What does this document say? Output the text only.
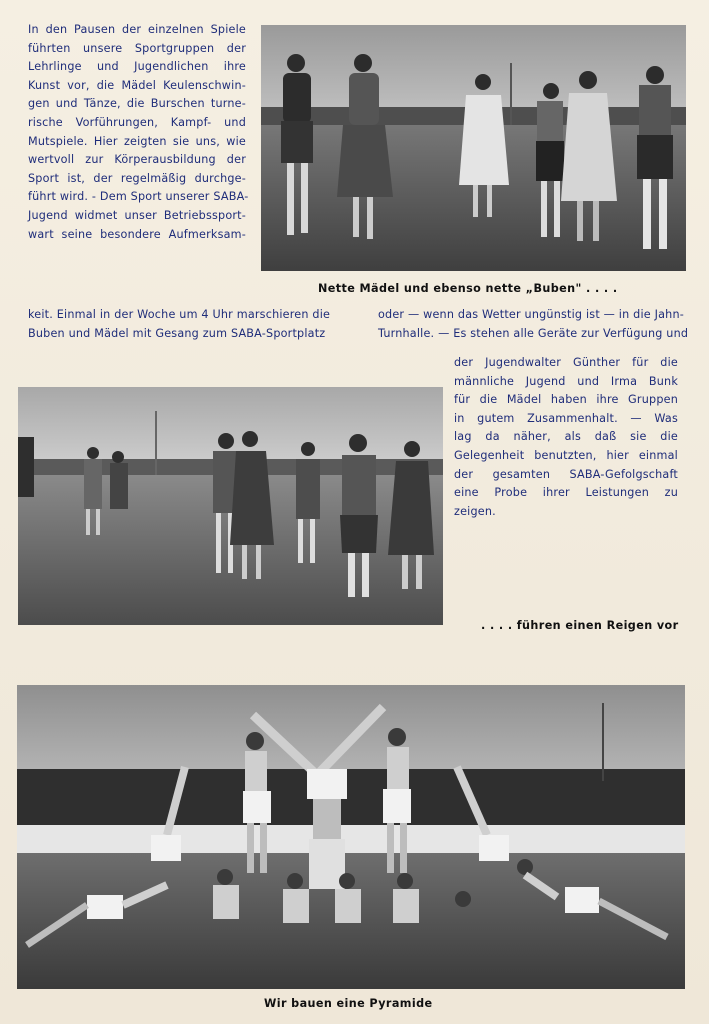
In den Pausen der einzelnen Spiele
führten unsere Sportgruppen der
Lehrlinge und Jugendlichen ihre
Kunst vor, die Mädel Keulenschwin-
gen und Tänze, die Burschen turne-
rische Vorführungen, Kampf- und
Mutspiele. Hier zeigten sie uns, wie
wertvoll zur Körperausbildung der
Sport ist, der regelmäßig durchge-
führt wird. - Dem Sport unserer SABA-
Jugend widmet unser Betriebssport-
wart seine besondere Aufmerksam-
Nette Mädel und ebenso nette „Buben" . . . .
keit. Einmal in der Woche um 4 Uhr marschieren die
Buben und Mädel mit Gesang zum SABA-Sportplatz
oder — wenn das Wetter ungünstig ist — in die Jahn-
Turnhalle. — Es stehen alle Geräte zur Verfügung und
der Jugendwalter Günther für die
männliche Jugend und Irma Bunk
für die Mädel haben ihre Gruppen
in gutem Zusammenhalt. — Was
lag da näher, als daß sie die
Gelegenheit benutzten, hier einmal
der gesamten SABA-Gefolgschaft
eine Probe ihrer Leistungen zu
zeigen.
. . . . führen einen Reigen vor
Wir bauen eine Pyramide
